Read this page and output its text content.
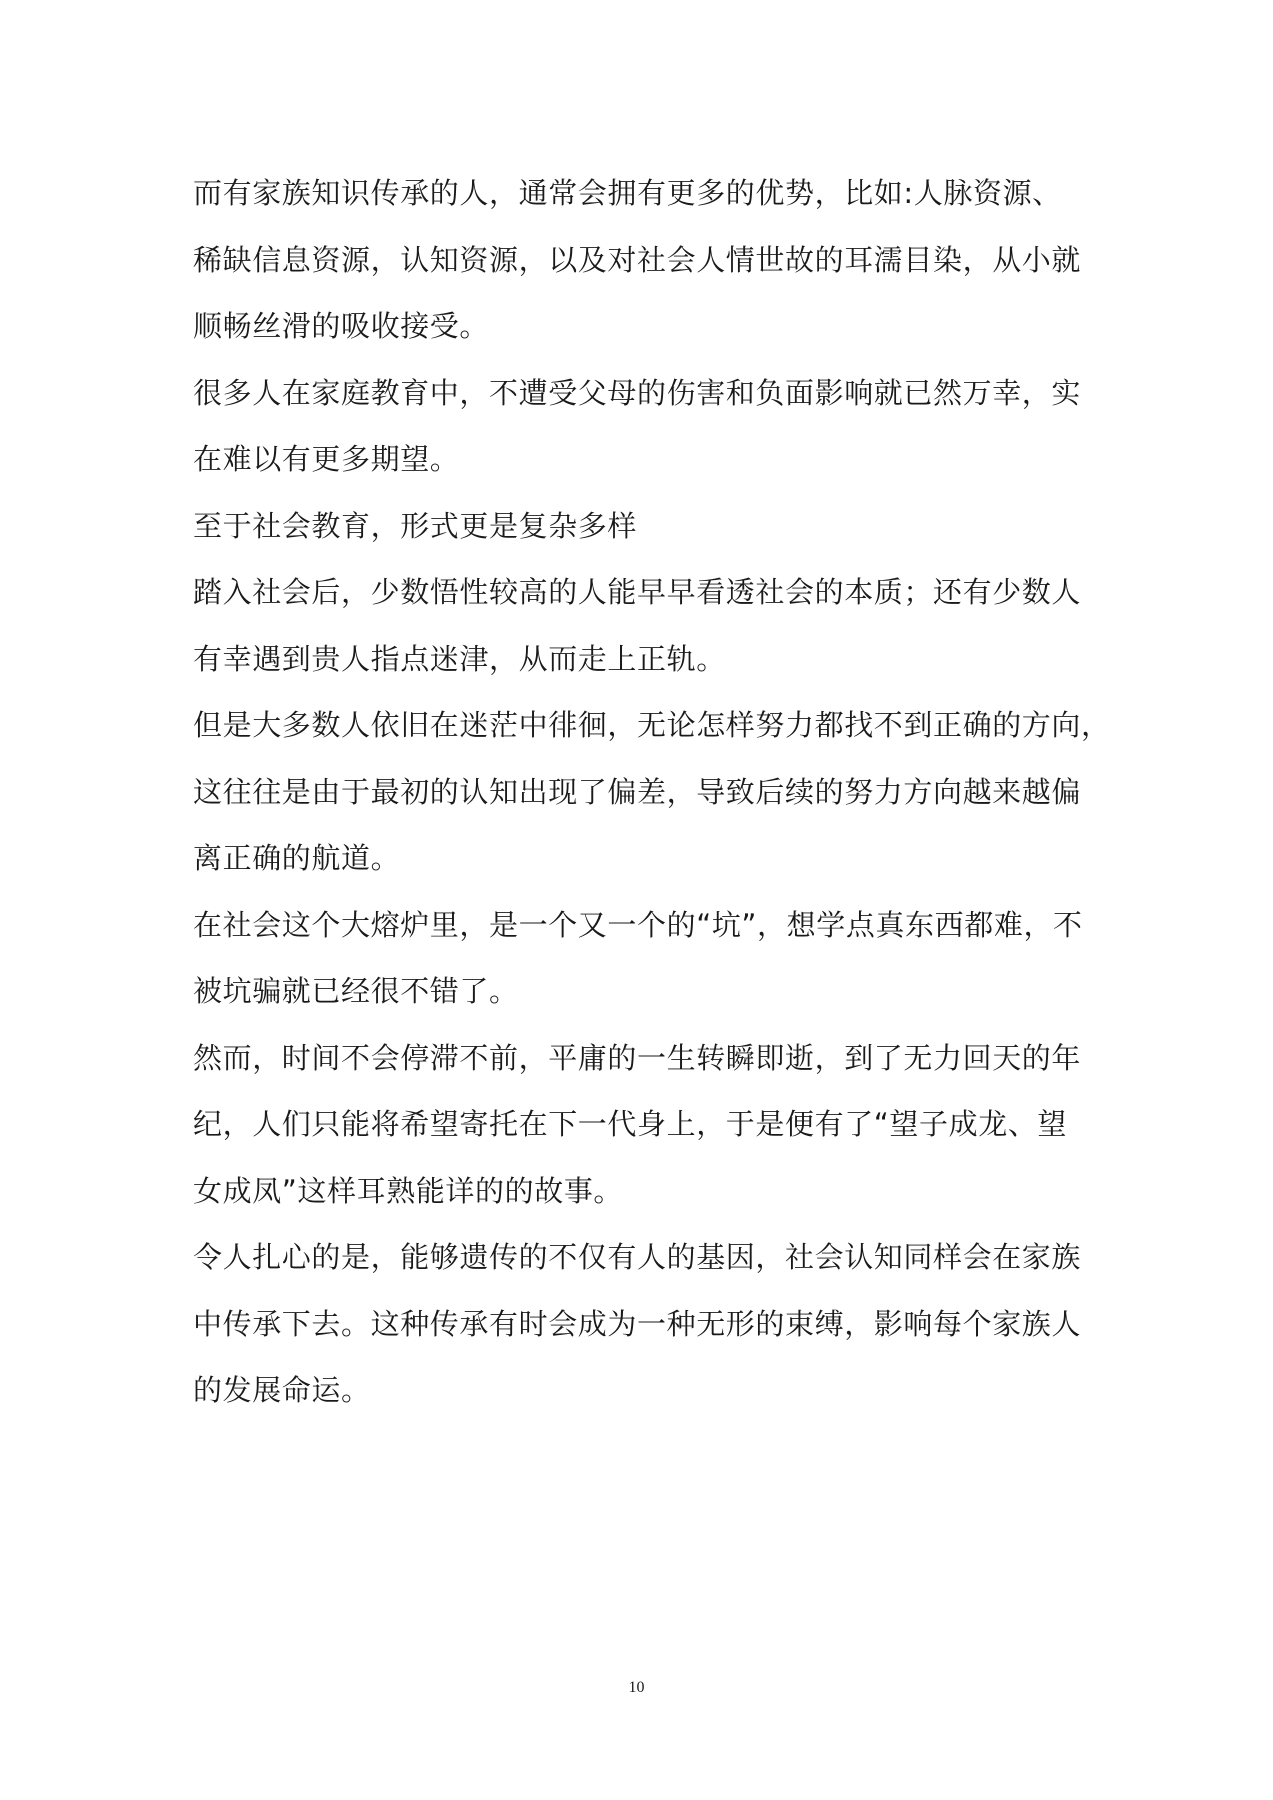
而有家族知识传承的人，通常会拥有更多的优势，比如:人脉资源、
稀缺信息资源，认知资源，以及对社会人情世故的耳濡目染，从小就
顺畅丝滑的吸收接受。

很多人在家庭教育中，不遭受父母的伤害和负面影响就已然万幸，实
在难以有更多期望。

至于社会教育，形式更是复杂多样

踏入社会后，少数悟性较高的人能早早看透社会的本质；还有少数人
有幸遇到贵人指点迷津，从而走上正轨。

但是大多数人依旧在迷茫中徘徊，无论怎样努力都找不到正确的方向，
这往往是由于最初的认知出现了偏差，导致后续的努力方向越来越偏
离正确的航道。

在社会这个大熔炉里，是一个又一个的“坑”，想学点真东西都难，不
被坑骗就已经很不错了。

然而，时间不会停滞不前，平庸的一生转瞬即逝，到了无力回天的年
纪，人们只能将希望寄托在下一代身上，于是便有了“望子成龙、望
女成凤”这样耳熟能详的的故事。

令人扎心的是，能够遗传的不仅有人的基因，社会认知同样会在家族
中传承下去。这种传承有时会成为一种无形的束缚，影响每个家族人
的发展命运。

10
